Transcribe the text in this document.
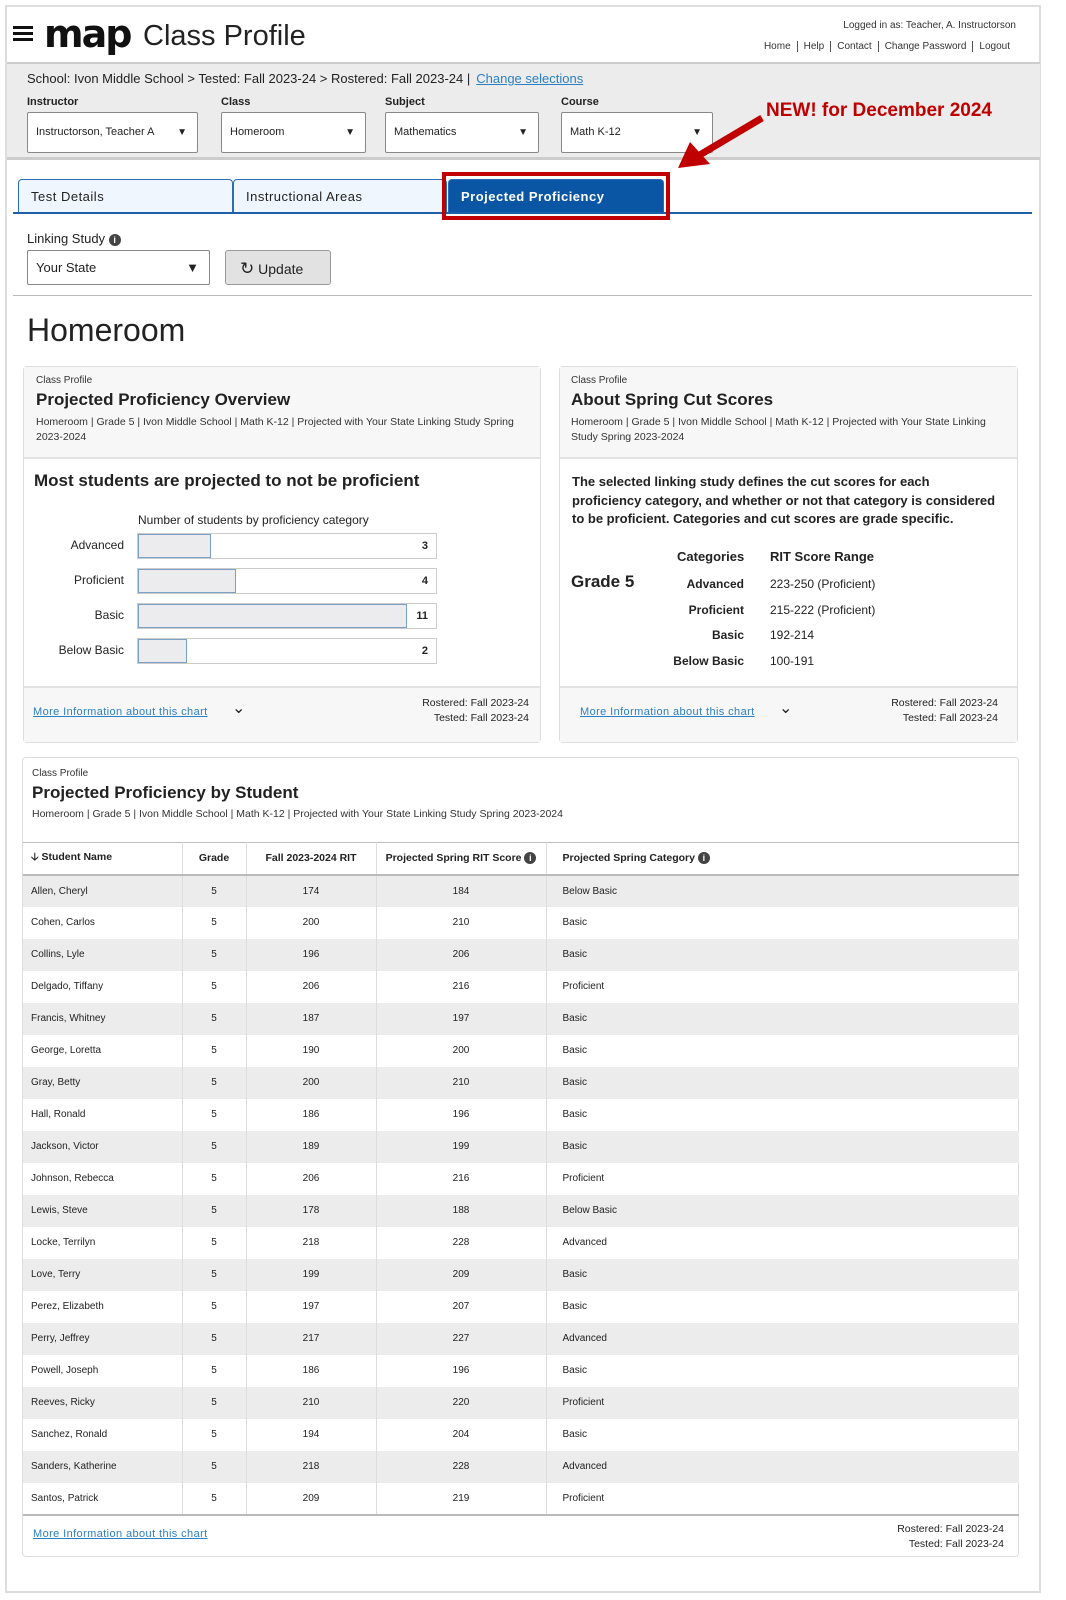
map Class Profile	Logged in as: Teacher, A. Instructorson
Home	Help	Contact	Change Password	Logout
School: Ivon Middle School > Tested: Fall 2023-24 > Rostered: Fall 2023-24 | Change selections
Instructor	Class	Subject	Course
Instructorson, Teacher A ▼	Homeroom	▼	Mathematics	▼	Math K-12	▼
NEW! for December 2024
Test Details	Instructional Areas	Projected Proficiency
Linking Study i
Your State	▼	↻ Update
Homeroom
Class Profile
Projected Proficiency Overview
Homeroom | Grade 5 | Ivon Middle School | Math K-12 | Projected with Your State Linking Study Spring 2023-2024
Most students are projected to not be proficient
Number of students by proficiency category
Advanced	3
Proficient	4
Basic	11
Below Basic	2
More Information about this chart ⌄	Rostered: Fall 2023-24
Tested: Fall 2023-24
Class Profile
About Spring Cut Scores
Homeroom | Grade 5 | Ivon Middle School | Math K-12 | Projected with Your State Linking Study Spring 2023-2024
The selected linking study defines the cut scores for each proficiency category, and whether or not that category is considered to be proficient. Categories and cut scores are grade specific.
Grade 5
Categories RIT Score Range
Advanced 223-250 (Proficient)
Proficient 215-222 (Proficient)
Basic 192-214
Below Basic 100-191
More Information about this chart ⌄	Rostered: Fall 2023-24
Tested: Fall 2023-24
Class Profile
Projected Proficiency by Student
Homeroom | Grade 5 | Ivon Middle School | Math K-12 | Projected with Your State Linking Study Spring 2023-2024
🡣 Student Name	Grade	Fall 2023-2024 RIT	Projected Spring RIT Score i	Projected Spring Category i
Allen, Cheryl	5	174	184	Below Basic
Cohen, Carlos	5	200	210	Basic
Collins, Lyle	5	196	206	Basic
Delgado, Tiffany	5	206	216	Proficient
Francis, Whitney	5	187	197	Basic
George, Loretta	5	190	200	Basic
Gray, Betty	5	200	210	Basic
Hall, Ronald	5	186	196	Basic
Jackson, Victor	5	189	199	Basic
Johnson, Rebecca	5	206	216	Proficient
Lewis, Steve	5	178	188	Below Basic
Locke, Terrilyn	5	218	228	Advanced
Love, Terry	5	199	209	Basic
Perez, Elizabeth	5	197	207	Basic
Perry, Jeffrey	5	217	227	Advanced
Powell, Joseph	5	186	196	Basic
Reeves, Ricky	5	210	220	Proficient
Sanchez, Ronald	5	194	204	Basic
Sanders, Katherine	5	218	228	Advanced
Santos, Patrick	5	209	219	Proficient
More Information about this chart	Rostered: Fall 2023-24
Tested: Fall 2023-24
